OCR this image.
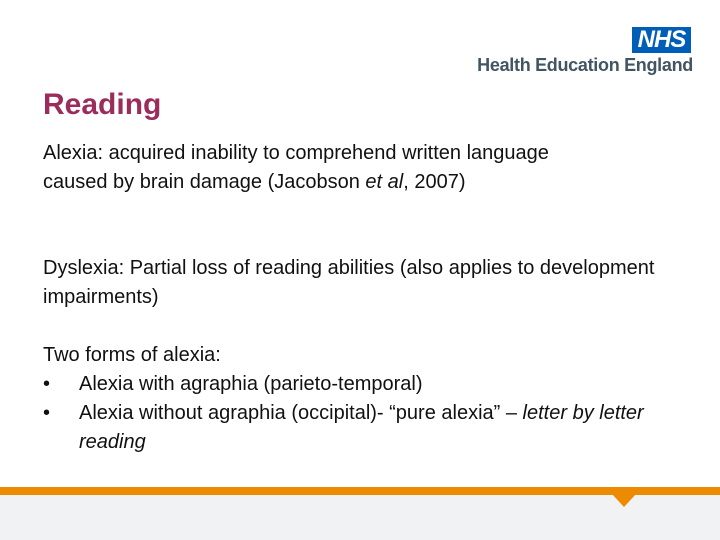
NHS
Health Education England
Reading

Alexia: acquired inability to comprehend written language caused by brain damage (Jacobson et al, 2007)

Dyslexia: Partial loss of reading abilities (also applies to development impairments)

Two forms of alexia:
•	Alexia with agraphia (parieto-temporal)
•	Alexia without agraphia (occipital)- “pure alexia” – letter by letter reading
